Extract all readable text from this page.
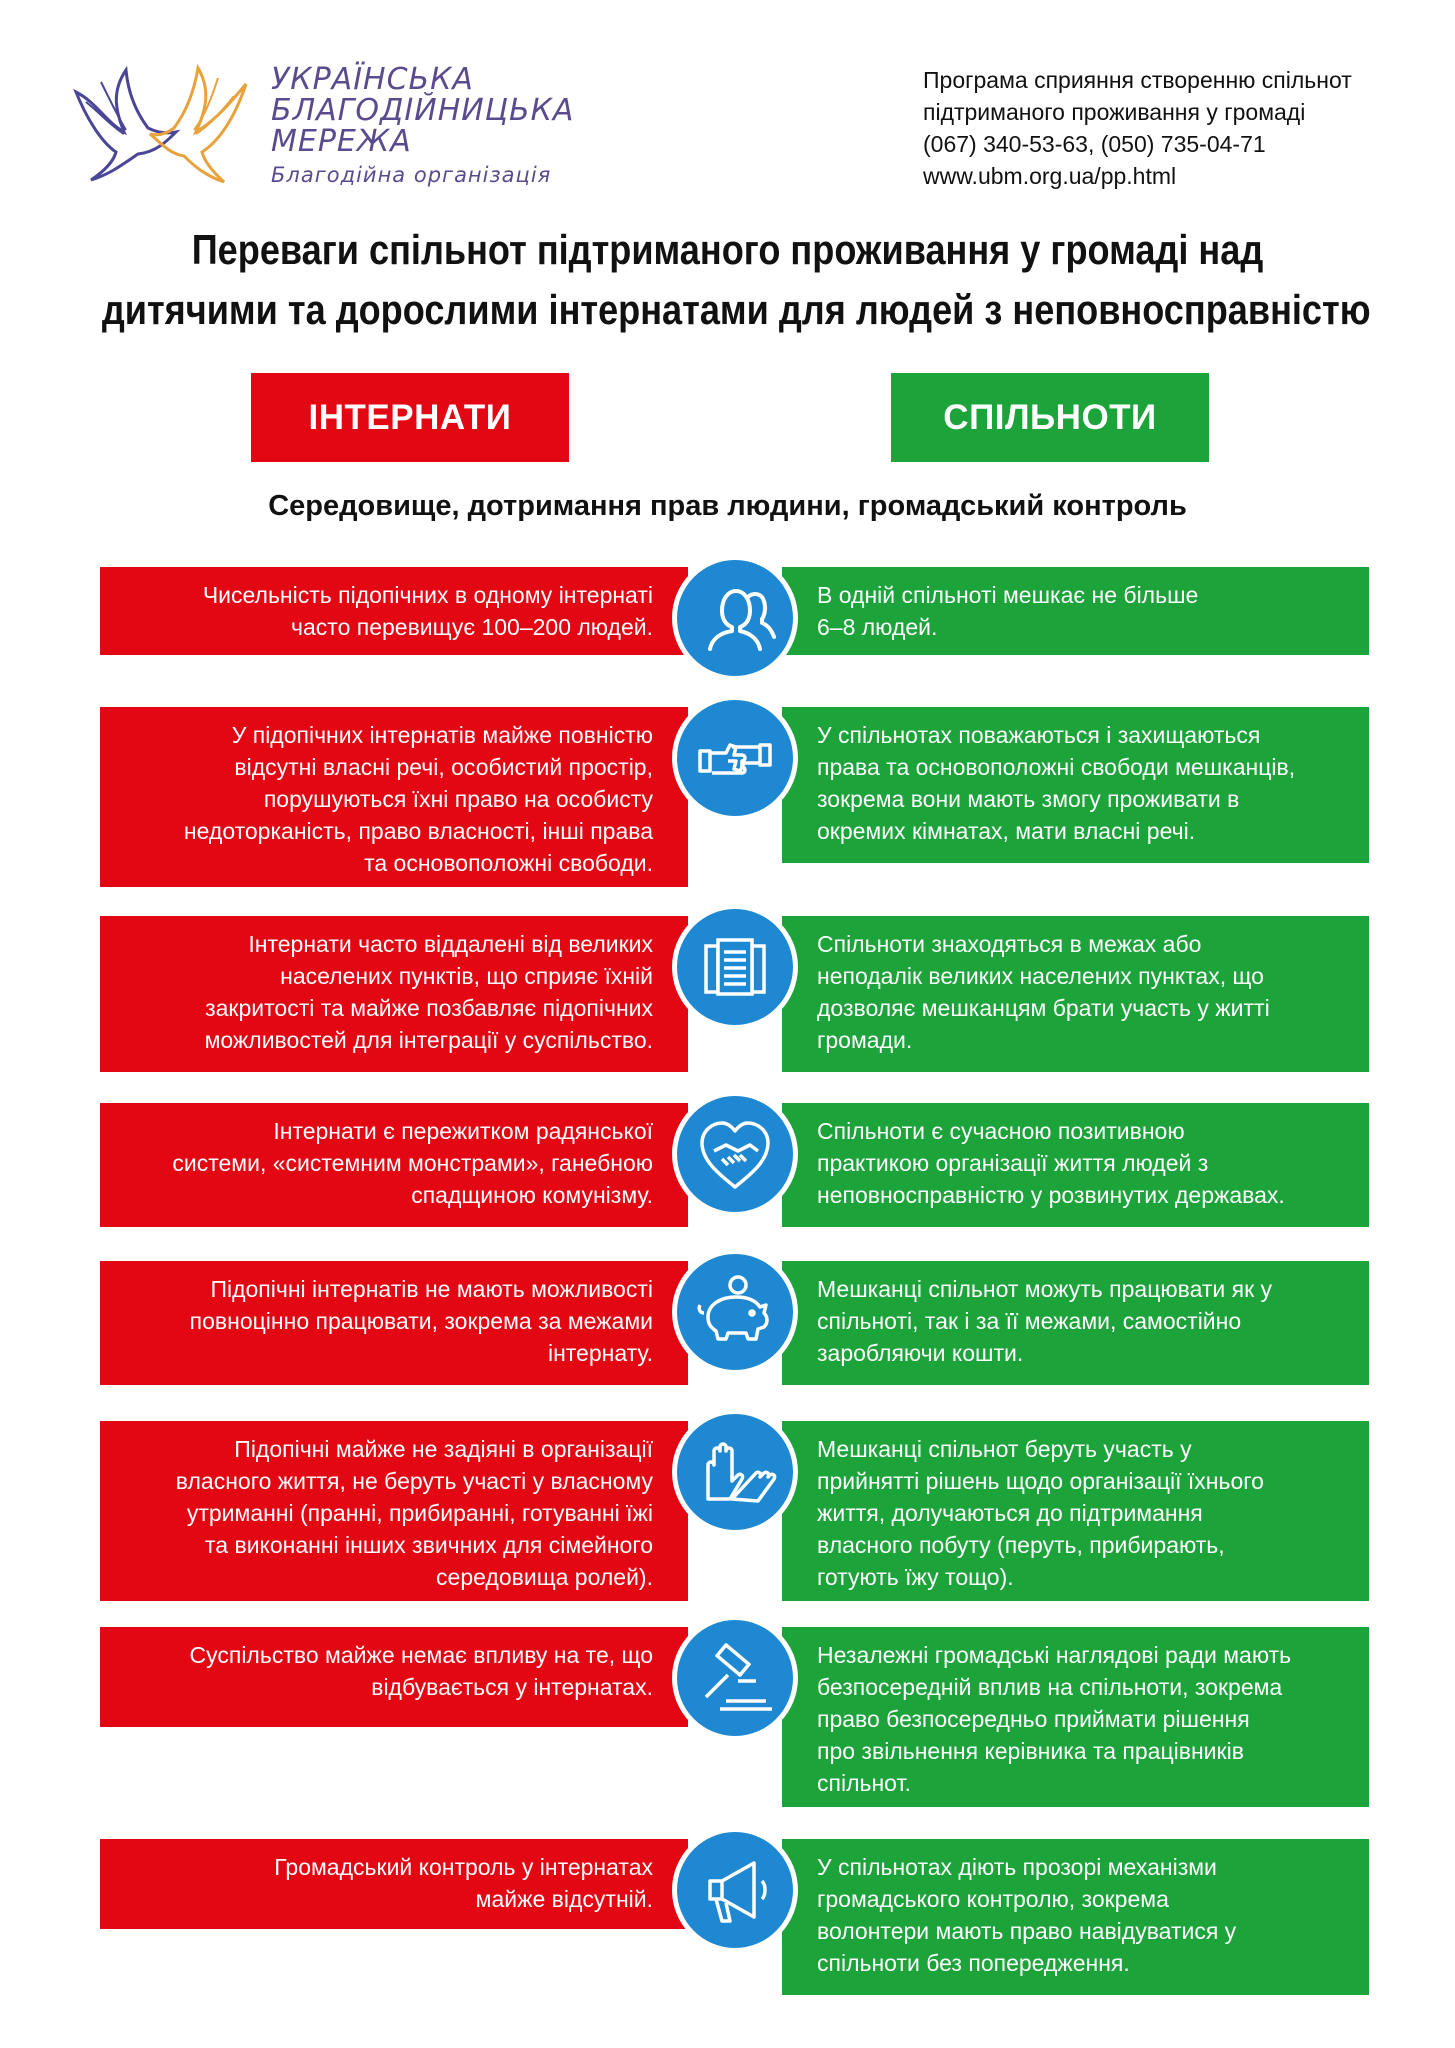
УКРАЇНСЬКА
БЛАГОДІЙНИЦЬКА
МЕРЕЖА
Благодійна організація
Програма сприяння створенню спільнот
підтриманого проживання у громаді
(067) 340-53-63, (050) 735-04-71
www.ubm.org.ua/pp.html
Переваги спільнот підтриманого проживання у громаді над
дитячими та дорослими інтернатами для людей з неповносправністю
ІНТЕРНАТИ	СПІЛЬНОТИ
Середовище, дотримання прав людини, громадський контроль
Чисельність підопічних в одному інтернаті
часто перевищує 100–200 людей.
В одній спільноті мешкає не більше
6–8 людей.
У підопічних інтернатів майже повністю
відсутні власні речі, особистий простір,
порушуються їхні право на особисту
недоторканість, право власності, інші права
та основоположні свободи.
У спільнотах поважаються і захищаються
права та основоположні свободи мешканців,
зокрема вони мають змогу проживати в
окремих кімнатах, мати власні речі.
Інтернати часто віддалені від великих
населених пунктів, що сприяє їхній
закритості та майже позбавляє підопічних
можливостей для інтеграції у суспільство.
Спільноти знаходяться в межах або
неподалік великих населених пунктах, що
дозволяє мешканцям брати участь у житті
громади.
Інтернати є пережитком радянської
системи, «системним монстрами», ганебною
спадщиною комунізму.
Спільноти є сучасною позитивною
практикою організації життя людей з
неповносправністю у розвинутих державах.
Підопічні інтернатів не мають можливості
повноцінно працювати, зокрема за межами
інтернату.
Мешканці спільнот можуть працювати як у
спільноті, так і за її межами, самостійно
заробляючи кошти.
Підопічні майже не задіяні в організації
власного життя, не беруть участі у власному
утриманні (пранні, прибиранні, готуванні їжі
та виконанні інших звичних для сімейного
середовища ролей).
Мешканці спільнот беруть участь у
прийнятті рішень щодо організації їхнього
життя, долучаються до підтримання
власного побуту (перуть, прибирають,
готують їжу тощо).
Суспільство майже немає впливу на те, що
відбувається у інтернатах.
Незалежні громадські наглядові ради мають
безпосередній вплив на спільноти, зокрема
право безпосередньо приймати рішення
про звільнення керівника та працівників
спільнот.
Громадський контроль у інтернатах
майже відсутній.
У спільнотах діють прозорі механізми
громадського контролю, зокрема
волонтери мають право навідуватися у
спільноти без попередження.
